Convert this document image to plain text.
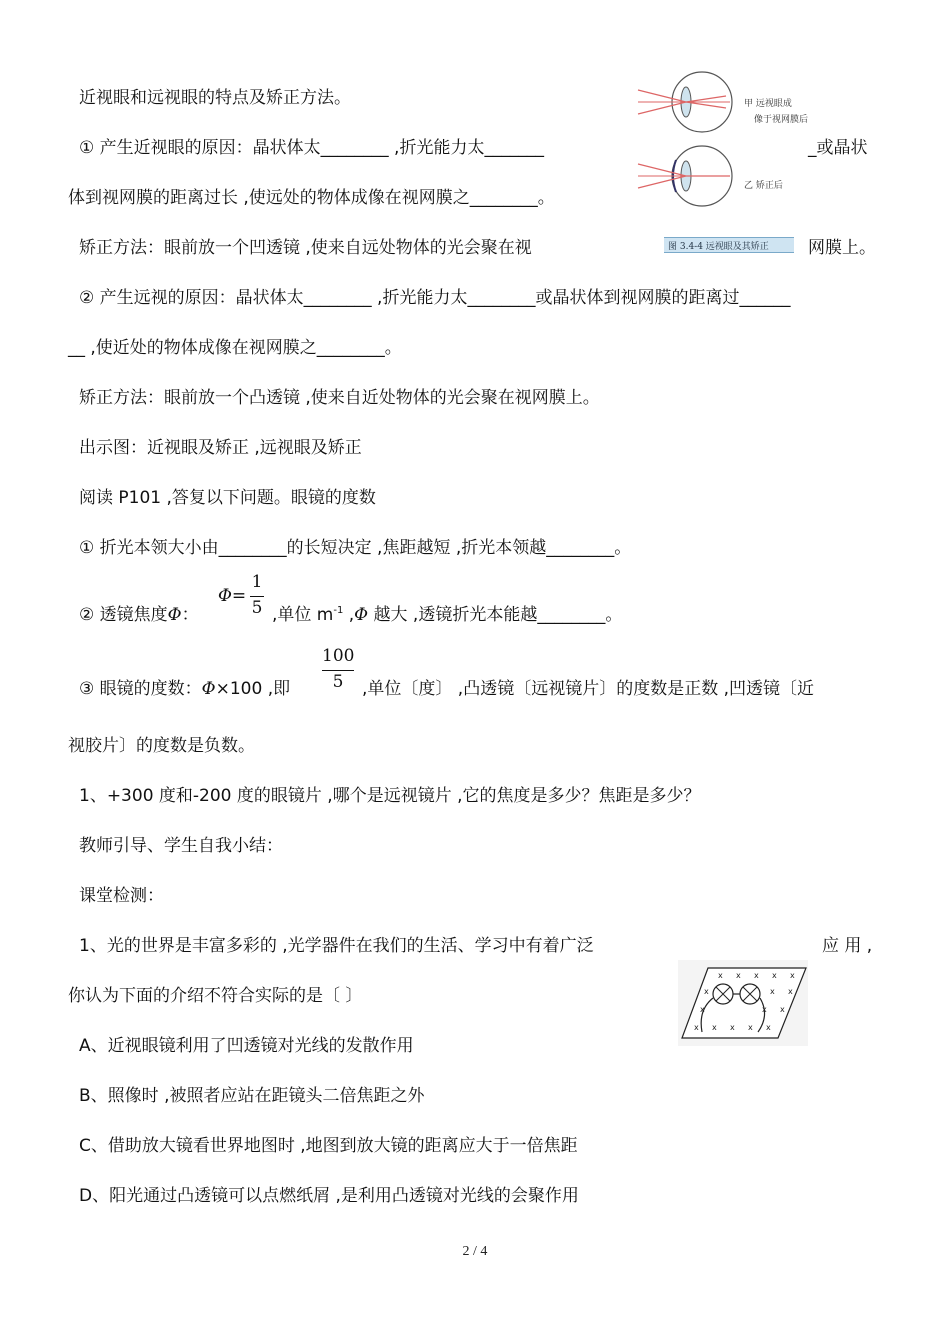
甲 远视眼成
像于视网膜后
乙 矫正后
图 3.4-4 远视眼及其矫正
近视眼和远视眼的特点及矫正方法。
① 产生近视眼的原因：晶状体太________ ,折光能力太_______	_或晶状
体到视网膜的距离过长 ,使远处的物体成像在视网膜之________。
矫正方法：眼前放一个凹透镜 ,使来自远处物体的光会聚在视	网膜上。
② 产生远视的原因：晶状体太________ ,折光能力太________或晶状体到视网膜的距离过______
__ ,使近处的物体成像在视网膜之________。
矫正方法：眼前放一个凸透镜 ,使来自近处物体的光会聚在视网膜上。
出示图：近视眼及矫正 ,远视眼及矫正
阅读 P101 ,答复以下问题。眼镜的度数
① 折光本领大小由________的长短决定 ,焦距越短 ,折光本领越________。
② 透镜焦度Φ：
Φ=
1
5 ,单位 $m^{-1}$ ,Φ 越大 ,透镜折光本能越________。
③ 眼镜的度数：Φ×100 ,即
100
5	,单位〔度〕 ,凸透镜〔远视镜片〕的度数是正数 ,凹透镜〔近
视胶片〕的度数是负数。
1、+300 度和-200 度的眼镜片 ,哪个是远视镜片 ,它的焦度是多少？焦距是多少？
教师引导、学生自我小结：
课堂检测：
1、光的世界是丰富多彩的 ,光学器件在我们的生活、学习中有着广泛	应 用 ,
你认为下面的介绍不符合实际的是〔 〕
x x x x x
x	x x
x	x x
x x x x x
A、近视眼镜利用了凹透镜对光线的发散作用
B、照像时 ,被照者应站在距镜头二倍焦距之外
C、借助放大镜看世界地图时 ,地图到放大镜的距离应大于一倍焦距
D、阳光通过凸透镜可以点燃纸屑 ,是利用凸透镜对光线的会聚作用
2 / 4
